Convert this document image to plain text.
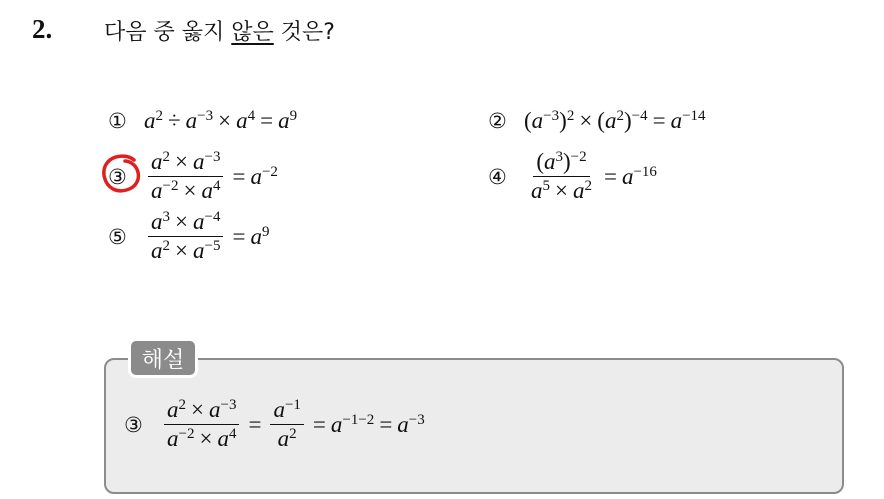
2. 다음 중 옳지 않은 것은?
① $a^2 \div a^{-3} \times a^4 = a^9$	② $(a^{-3})^2 \times (a^2)^{-4} = a^{-14}$
③ $\frac{a^2 \times a^{-3}}{a^{-2} \times a^4} = a^{-2}$	④ $\frac{(a^3)^{-2}}{a^5 \times a^2} = a^{-16}$
⑤ $\frac{a^3 \times a^{-4}}{a^2 \times a^{-5}} = a^9$
해설
③ $\frac{a^2 \times a^{-3}}{a^{-2} \times a^4} = \frac{a^{-1}}{a^2} = a^{-1-2} = a^{-3}$
